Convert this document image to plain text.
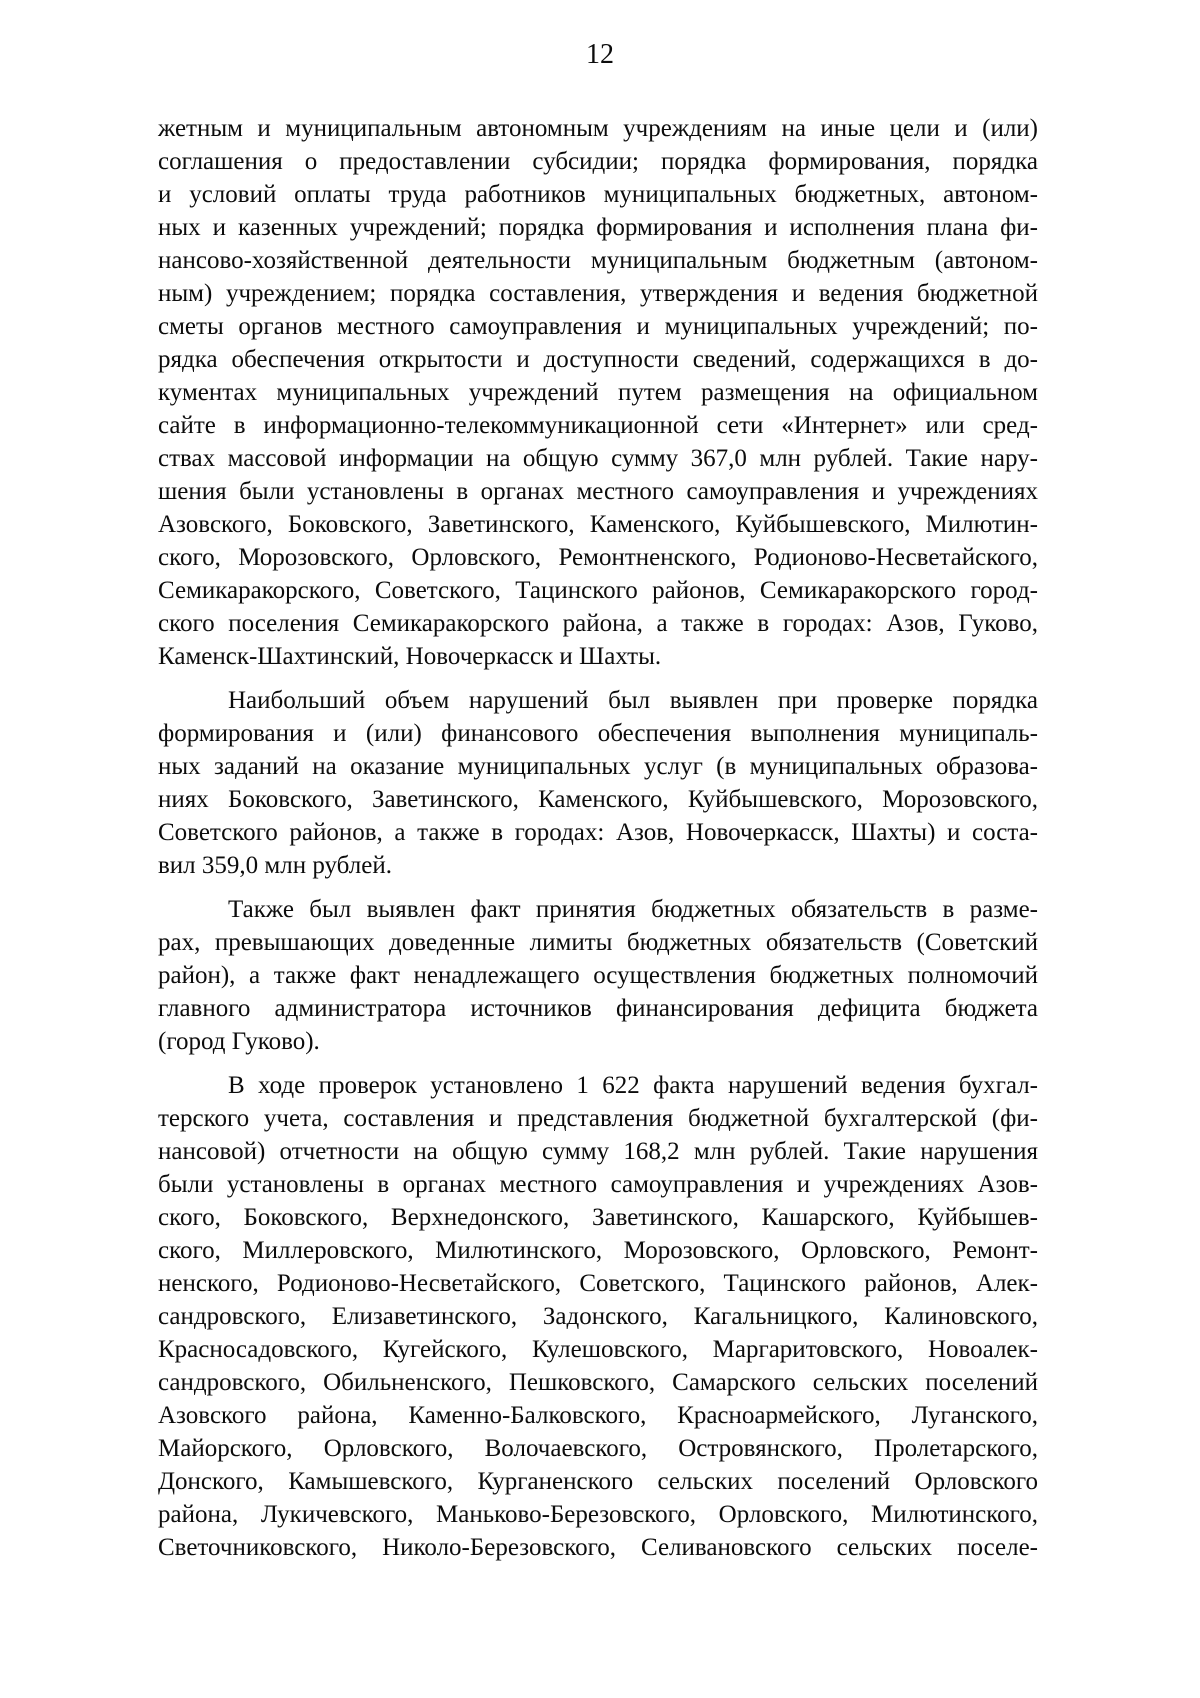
12

жетным и муниципальным автономным учреждениям на иные цели и (или)
соглашения о предоставлении субсидии; порядка формирования, порядка
и условий оплаты труда работников муниципальных бюджетных, автоном-
ных и казенных учреждений; порядка формирования и исполнения плана фи-
нансово-хозяйственной деятельности муниципальным бюджетным (автоном-
ным) учреждением; порядка составления, утверждения и ведения бюджетной
сметы органов местного самоуправления и муниципальных учреждений; по-
рядка обеспечения открытости и доступности сведений, содержащихся в до-
кументах муниципальных учреждений путем размещения на официальном
сайте в информационно-телекоммуникационной сети «Интернет» или сред-
ствах массовой информации на общую сумму 367,0 млн рублей. Такие нару-
шения были установлены в органах местного самоуправления и учреждениях
Азовского, Боковского, Заветинского, Каменского, Куйбышевского, Милютин-
ского, Морозовского, Орловского, Ремонтненского, Родионово-Несветайского,
Семикаракорского, Советского, Тацинского районов, Семикаракорского город-
ского поселения Семикаракорского района, а также в городах: Азов, Гуково,
Каменск-Шахтинский, Новочеркасск и Шахты.

Наибольший объем нарушений был выявлен при проверке порядка
формирования и (или) финансового обеспечения выполнения муниципаль-
ных заданий на оказание муниципальных услуг (в муниципальных образова-
ниях Боковского, Заветинского, Каменского, Куйбышевского, Морозовского,
Советского районов, а также в городах: Азов, Новочеркасск, Шахты) и соста-
вил 359,0 млн рублей.

Также был выявлен факт принятия бюджетных обязательств в разме-
рах, превышающих доведенные лимиты бюджетных обязательств (Советский
район), а также факт ненадлежащего осуществления бюджетных полномочий
главного администратора источников финансирования дефицита бюджета
(город Гуково).

В ходе проверок установлено 1 622 факта нарушений ведения бухгал-
терского учета, составления и представления бюджетной бухгалтерской (фи-
нансовой) отчетности на общую сумму 168,2 млн рублей. Такие нарушения
были установлены в органах местного самоуправления и учреждениях Азов-
ского, Боковского, Верхнедонского, Заветинского, Кашарского, Куйбышев-
ского, Миллеровского, Милютинского, Морозовского, Орловского, Ремонт-
ненского, Родионово-Несветайского, Советского, Тацинского районов, Алек-
сандровского, Елизаветинского, Задонского, Кагальницкого, Калиновского,
Красносадовского, Кугейского, Кулешовского, Маргаритовского, Новоалек-
сандровского, Обильненского, Пешковского, Самарского сельских поселений
Азовского района, Каменно-Балковского, Красноармейского, Луганского,
Майорского, Орловского, Волочаевского, Островянского, Пролетарского,
Донского, Камышевского, Курганенского сельских поселений Орловского
района, Лукичевского, Маньково-Березовского, Орловского, Милютинского,
Светочниковского, Николо-Березовского, Селивановского сельских поселе-
